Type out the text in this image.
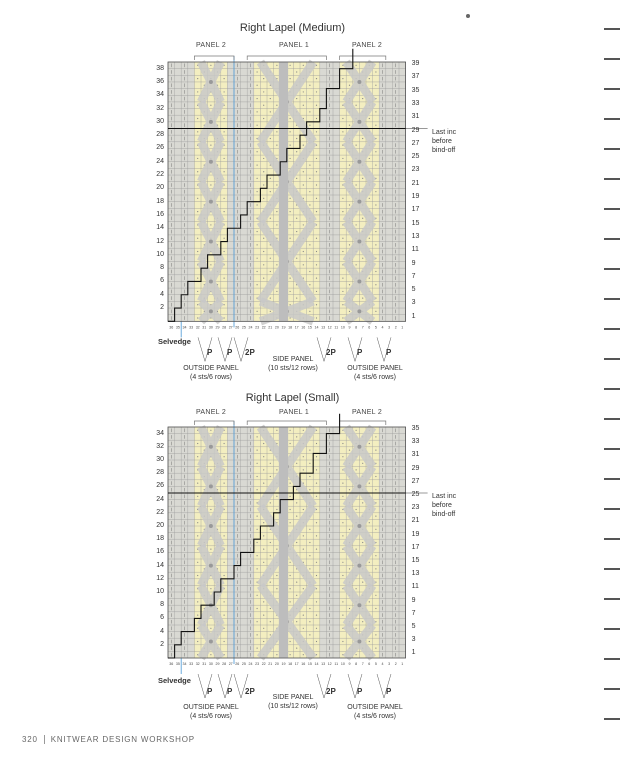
Right Lapel (Medium)
PANEL 2	PANEL 1	PANEL 2
36 35 34 33 32 31 30 29 28 27 26 25 24 23 22 21 20 19 18 17 16 15 14 13 12 11 10 9 8 7 6 5 4 3 2 1
Selvedge
P P 2P	2P	P	P
OUTSIDE PANEL
(4 sts/6 rows)
SIDE PANEL
(10 sts/12 rows)	OUTSIDE PANEL
(4 sts/6 rows)
Last inc
before
bind-off
38
36
34
32
30
28
26
24
22
20
18
16
14
12
10
8
6
4
2
39
37
35
33
31
29
27
25
23
21
19
17
15
13
11
9
7
5
3
1
Right Lapel (Small)
PANEL 2	PANEL 1	PANEL 2
36 35 34 33 32 31 30 29 28 27 26 25 24 23 22 21 20 19 18 17 16 15 14 13 12 11 10 9 8 7 6 5 4 3 2 1
Selvedge
P P 2P	2P	P	P
OUTSIDE PANEL
(4 sts/6 rows)
SIDE PANEL
(10 sts/12 rows)	OUTSIDE PANEL
(4 sts/6 rows)
Last inc
before
bind-off
34
32
30
28
26
24
22
20
18
16
14
12
10
8
6
4
2
35
33
31
29
27
25
23
21
19
17
15
13
11
9
7
5
3
1
320 KNITWEAR DESIGN WORKSHOP
